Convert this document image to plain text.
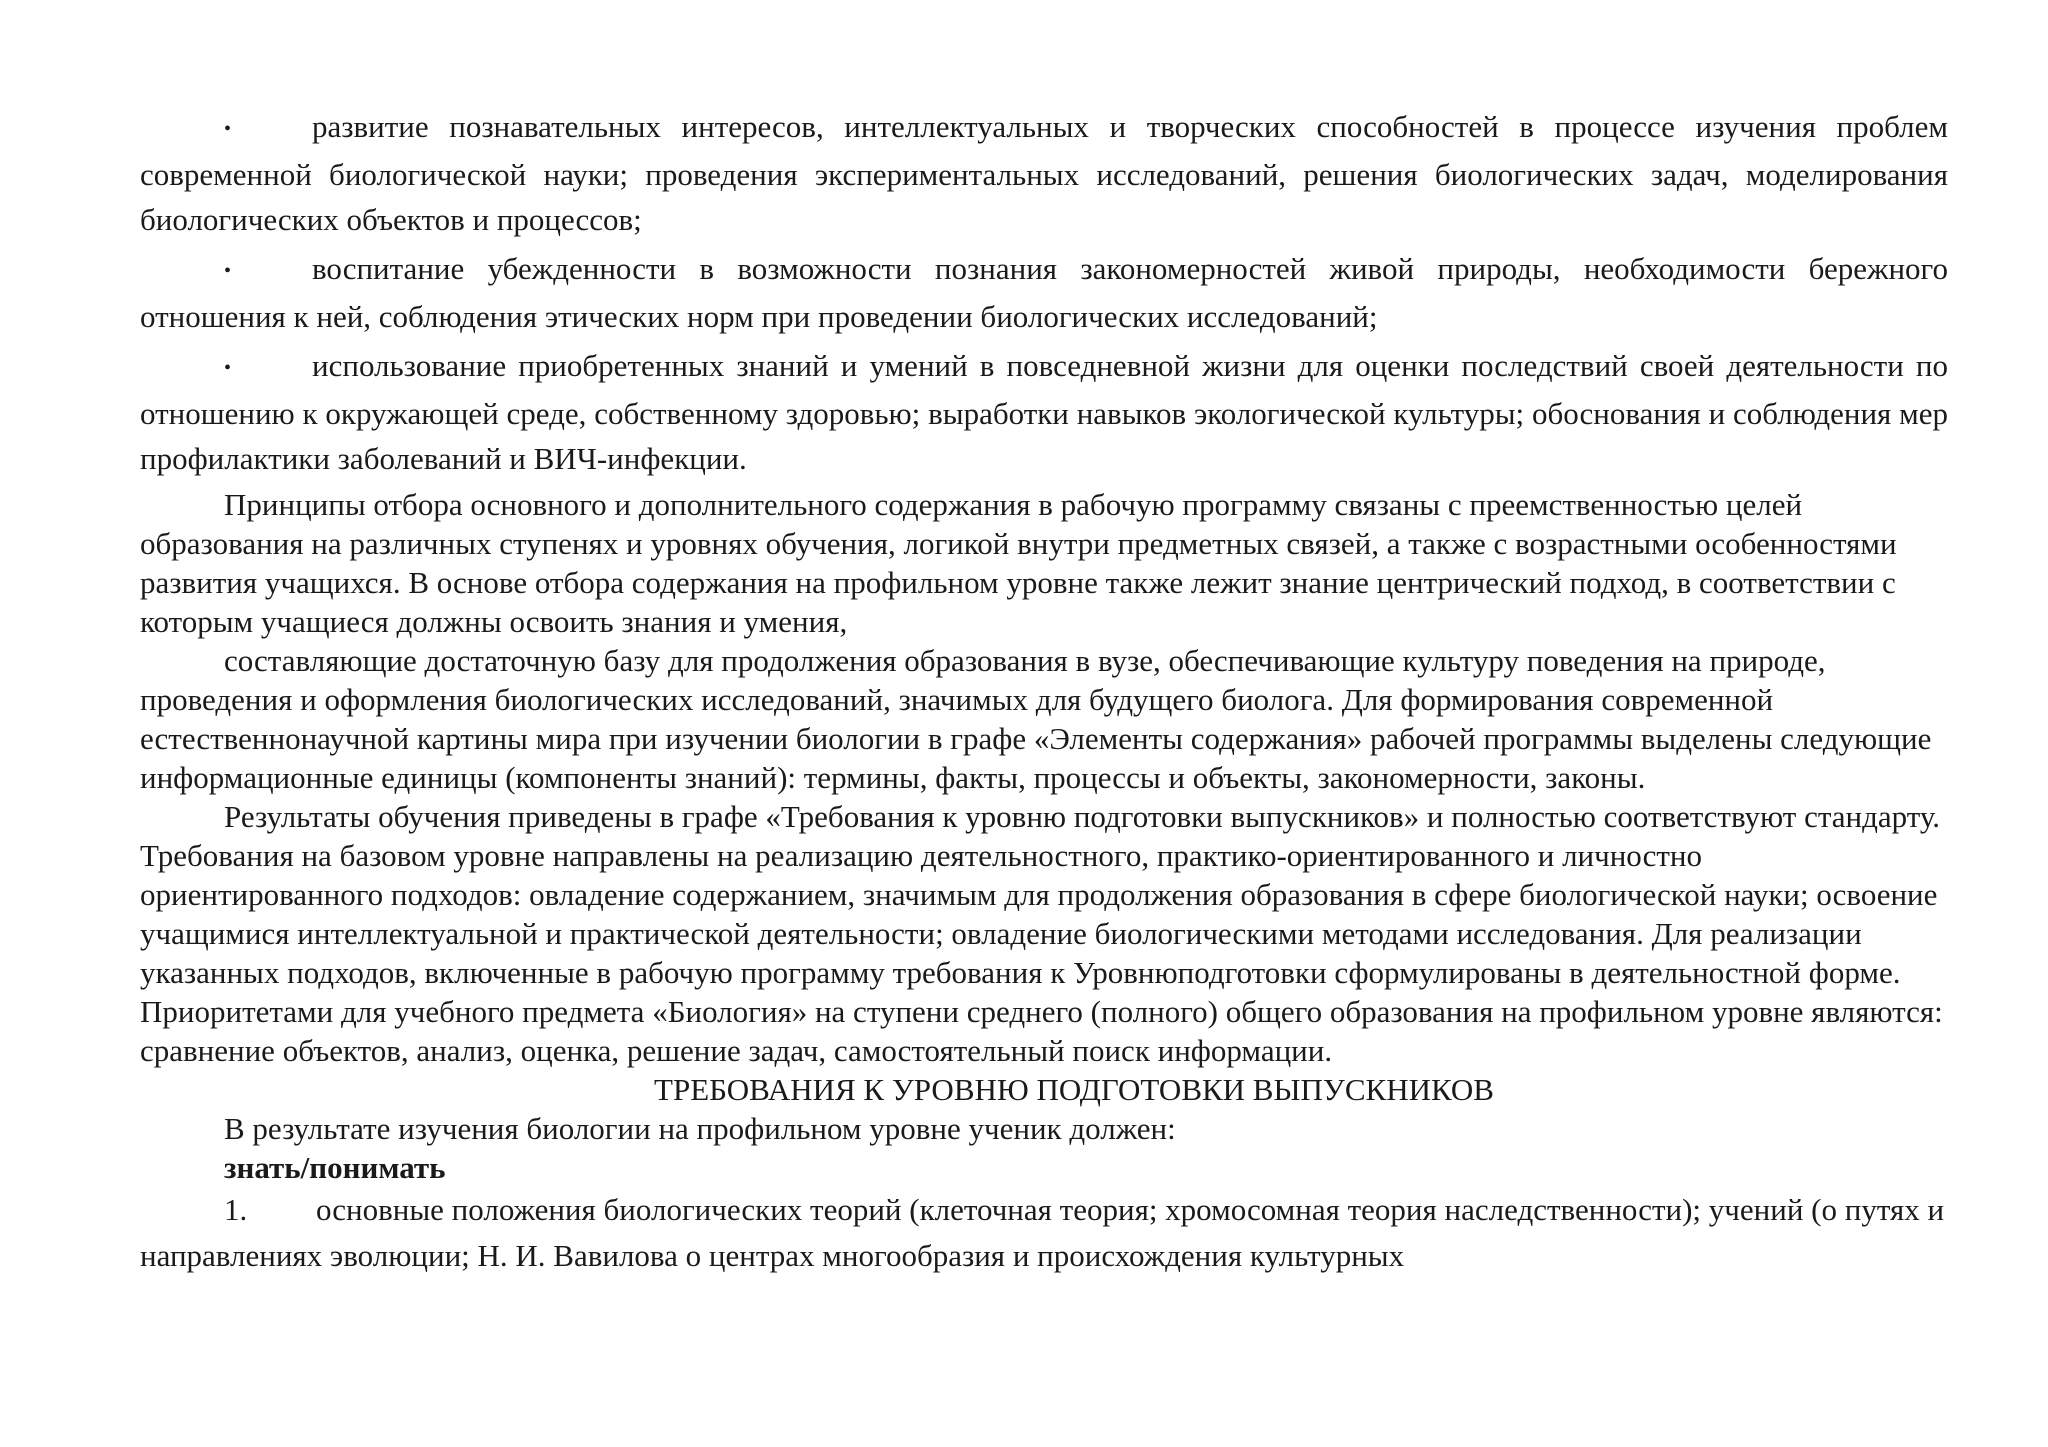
•	развитие познавательных интересов, интеллектуальных и творческих способностей в процессе изучения проблем современной биологической науки; проведения экспериментальных исследований, решения биологических задач, моделирования биологических объектов и процессов;

•	воспитание убежденности в возможности познания закономерностей живой природы, необходимости бережного отношения к ней, соблюдения этических норм при проведении биологических исследований;

•	использование приобретенных знаний и умений в повседневной жизни для оценки последствий своей деятельности по отношению к окружающей среде, собственному здоровью; выработки навыков экологической культуры; обоснования и соблюдения мер профилактики заболеваний и ВИЧ-инфекции.

Принципы отбора основного и дополнительного содержания в рабочую программу связаны с преемственностью целей образования на различных ступенях и уровнях обучения, логикой внутри предметных связей, а также с возрастными особенностями развития учащихся. В основе отбора содержания на профильном уровне также лежит знание центрический подход, в соответствии с которым учащиеся должны освоить знания и умения,

составляющие достаточную базу для продолжения образования в вузе, обеспечивающие культуру поведения на природе, проведения и оформления биологических исследований, значимых для будущего биолога. Для формирования современной естественнонаучной картины мира при изучении биологии в графе «Элементы содержания» рабочей программы выделены следующие информационные единицы (компоненты знаний): термины, факты, процессы и объекты, закономерности, законы.

Результаты обучения приведены в графе «Требования к уровню подготовки выпускников» и полностью соответствуют стандарту. Требования на базовом уровне направлены на реализацию деятельностного, практико-ориентированного и личностно ориентированного подходов: овладение содержанием, значимым для продолжения образования в сфере биологической науки; освоение учащимися интеллектуальной и практической деятельности; овладение биологическими методами исследования. Для реализации указанных подходов, включенные в рабочую программу требования к Уровнюподготовки сформулированы в деятельностной форме. Приоритетами для учебного предмета «Биология» на ступени среднего (полного) общего образования на профильном уровне являются: сравнение объектов, анализ, оценка, решение задач, самостоятельный поиск информации.

ТРЕБОВАНИЯ К УРОВНЮ ПОДГОТОВКИ ВЫПУСКНИКОВ

В результате изучения биологии на профильном уровне ученик должен:

знать/понимать

1. основные положения биологических теорий (клеточная теория; хромосомная теория наследственности); учений (о путях и направлениях эволюции; Н. И. Вавилова о центрах многообразия и происхождения культурных
